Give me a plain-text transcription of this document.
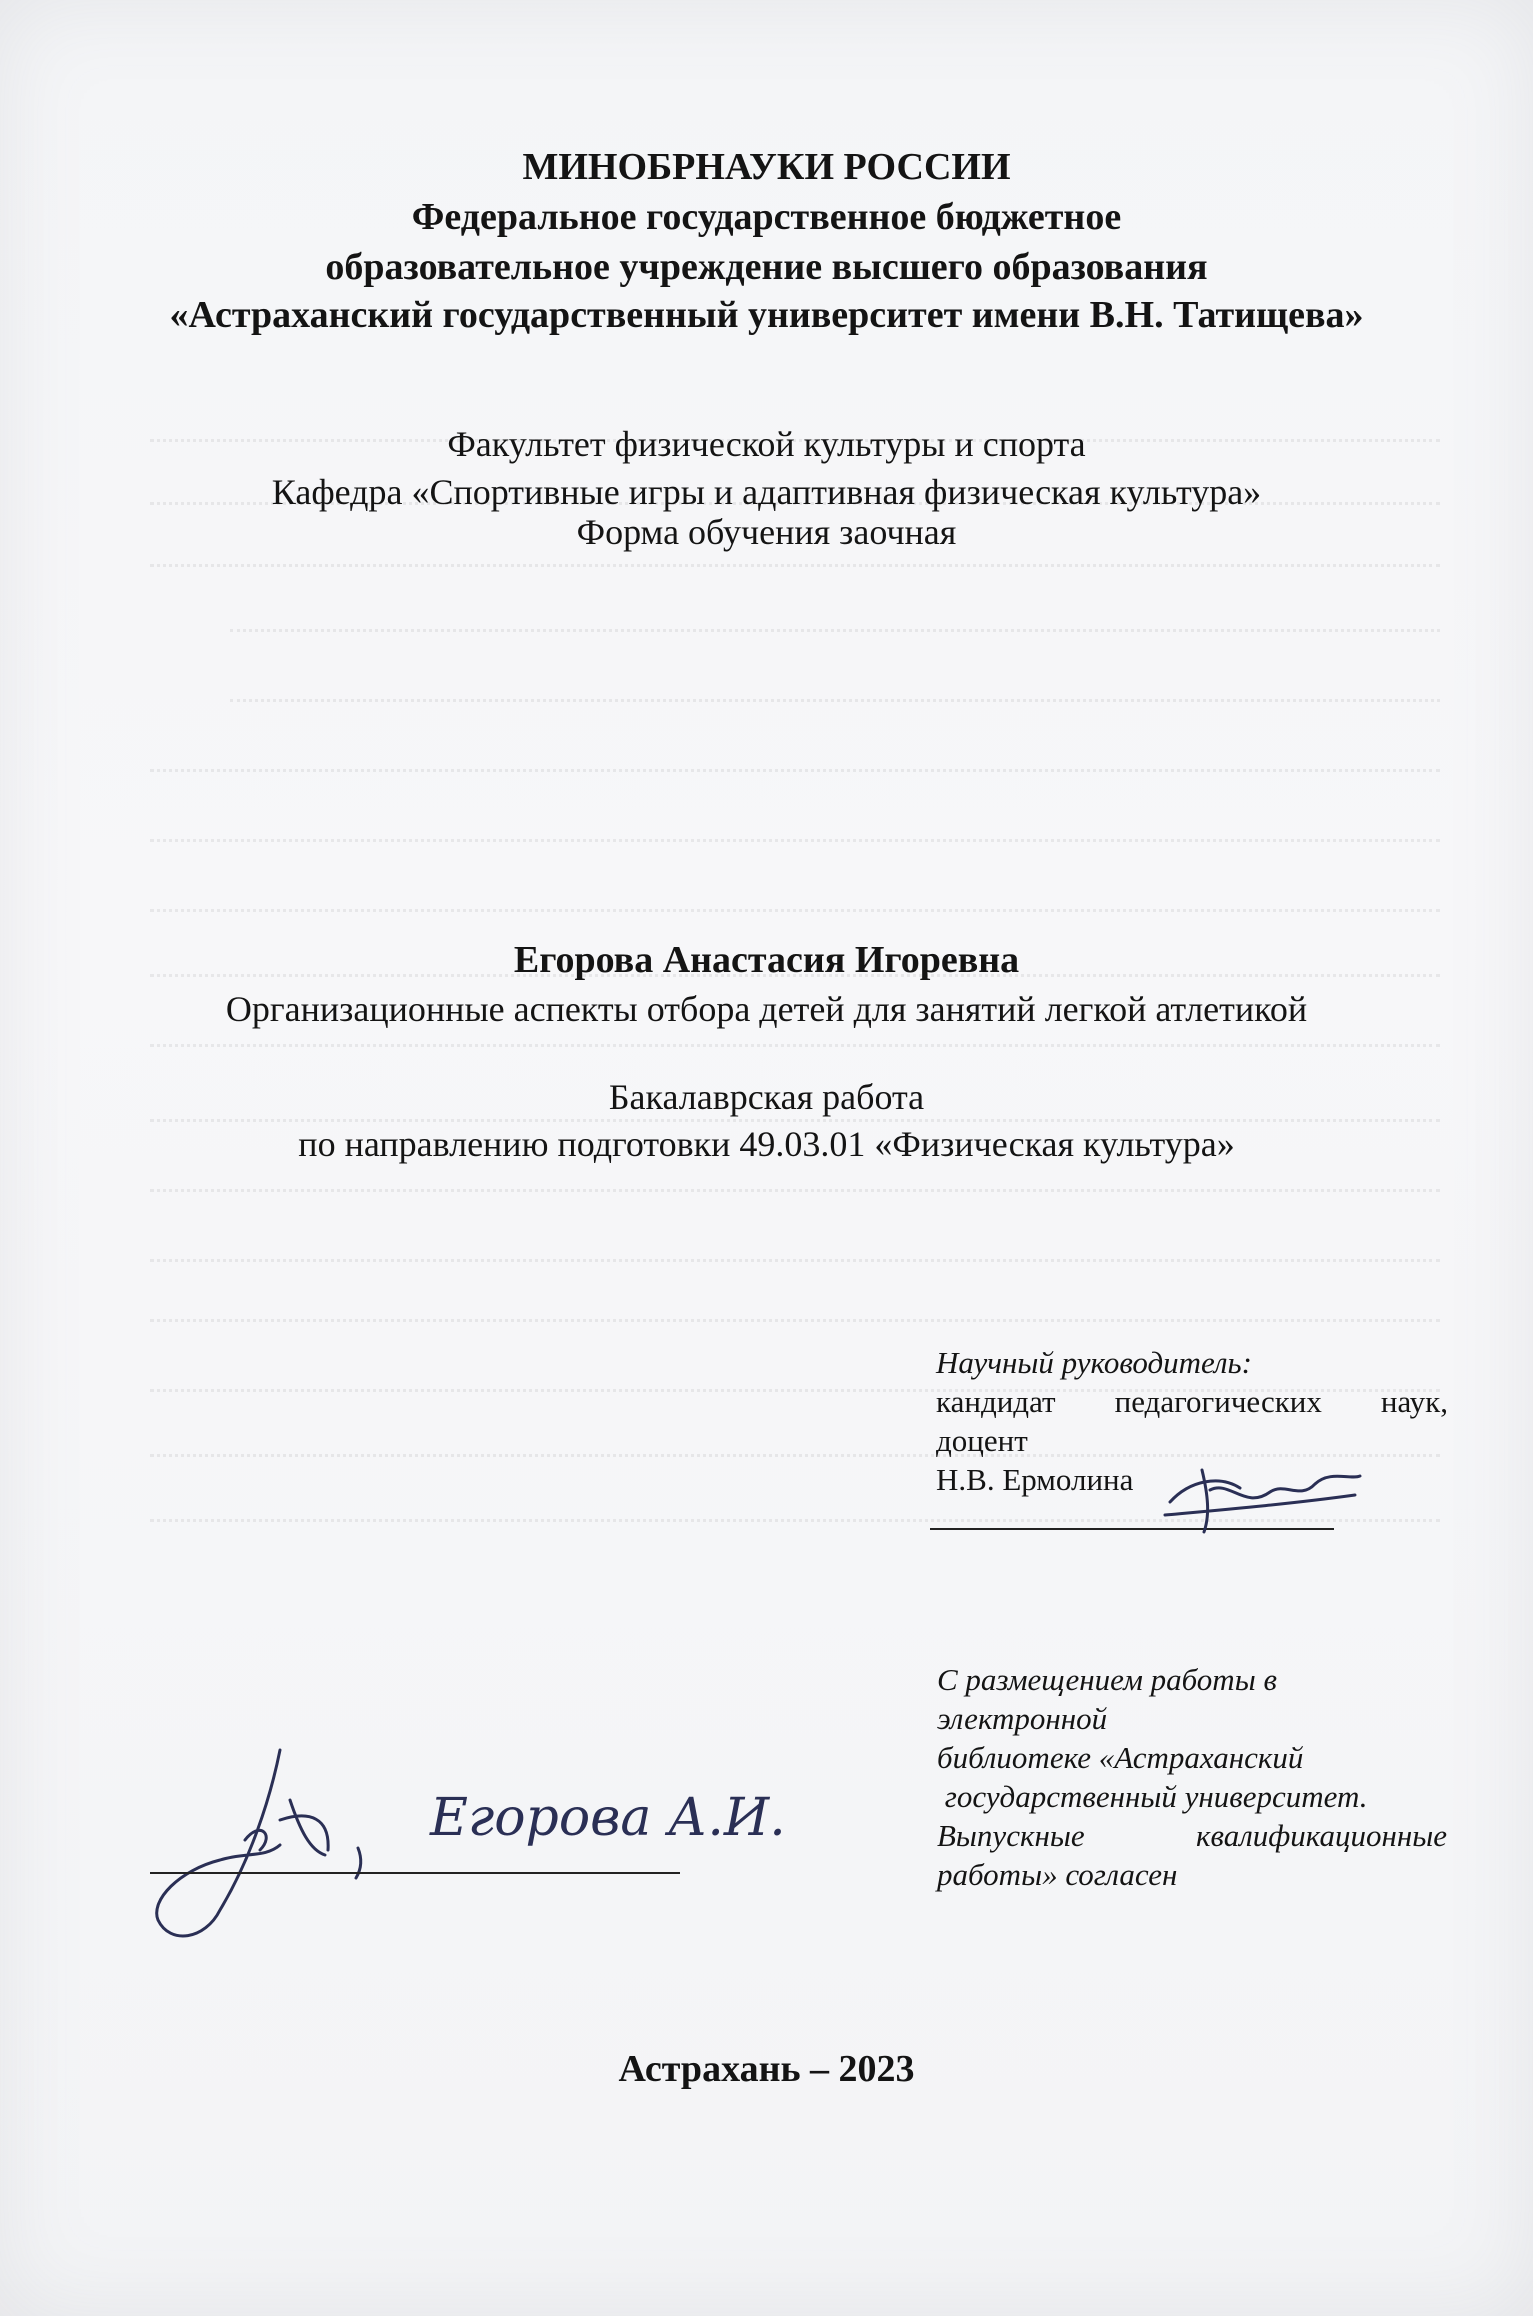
МИНОБРНАУКИ РОССИИ
Федеральное государственное бюджетное
образовательное учреждение высшего образования
«Астраханский государственный университет имени В.Н. Татищева»
Факультет физической культуры и спорта
Кафедра «Спортивные игры и адаптивная физическая культура»
Форма обучения заочная
Егорова Анастасия Игоревна
Организационные аспекты отбора детей для занятий легкой атлетикой
Бакалаврская работа
по направлению подготовки 49.03.01 «Физическая культура»
Научный руководитель:
кандидат педагогических наук,
доцент
Н.В. Ермолина
С размещением работы в электронной
библиотеке «Астраханский
государственный университет.
Выпускные квалификационные
работы» согласен
Егорова А.И.
Астрахань – 2023
